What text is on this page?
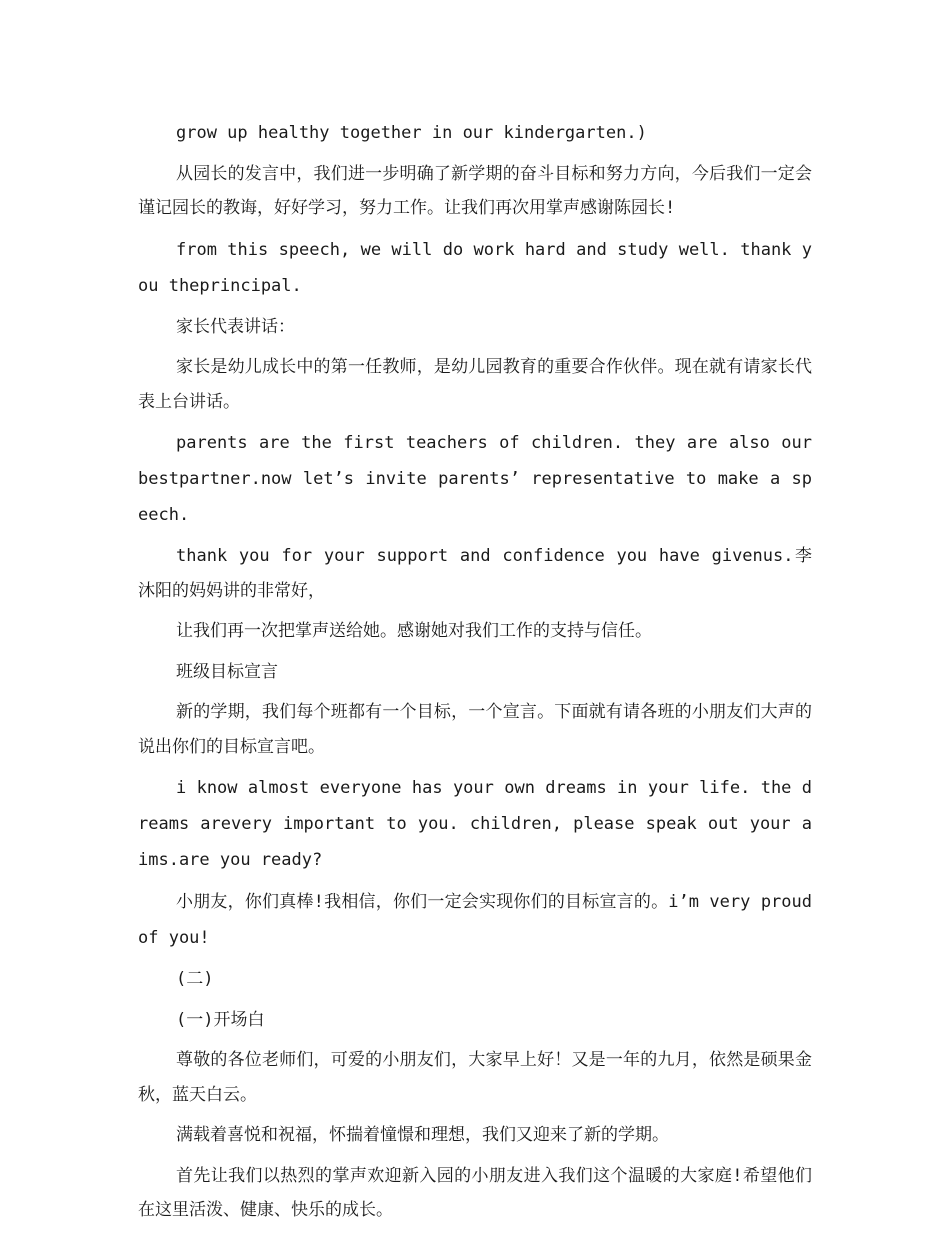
grow up healthy together in our kindergarten.)

从园长的发言中，我们进一步明确了新学期的奋斗目标和努力方向，今后我们一定会谨记园长的教诲，好好学习，努力工作。让我们再次用掌声感谢陈园长!

from this speech, we will do work hard and study well. thank you theprincipal.

家长代表讲话：

家长是幼儿成长中的第一任教师，是幼儿园教育的重要合作伙伴。现在就有请家长代表上台讲话。

parents are the first teachers of children. they are also our bestpartner.now let’s invite parents’ representative to make a speech.

thank you for your support and confidence you have givenus.李沐阳的妈妈讲的非常好，

让我们再一次把掌声送给她。感谢她对我们工作的支持与信任。

班级目标宣言

新的学期，我们每个班都有一个目标，一个宣言。下面就有请各班的小朋友们大声的说出你们的目标宣言吧。

i know almost everyone has your own dreams in your life. the dreams arevery important to you. children, please speak out your aims.are you ready?

小朋友，你们真棒!我相信，你们一定会实现你们的目标宣言的。i’m very proud of you!

(二)

(一)开场白

尊敬的各位老师们，可爱的小朋友们，大家早上好！又是一年的九月，依然是硕果金秋，蓝天白云。

满载着喜悦和祝福，怀揣着憧憬和理想，我们又迎来了新的学期。

首先让我们以热烈的掌声欢迎新入园的小朋友进入我们这个温暖的大家庭!希望他们在这里活泼、健康、快乐的成长。
